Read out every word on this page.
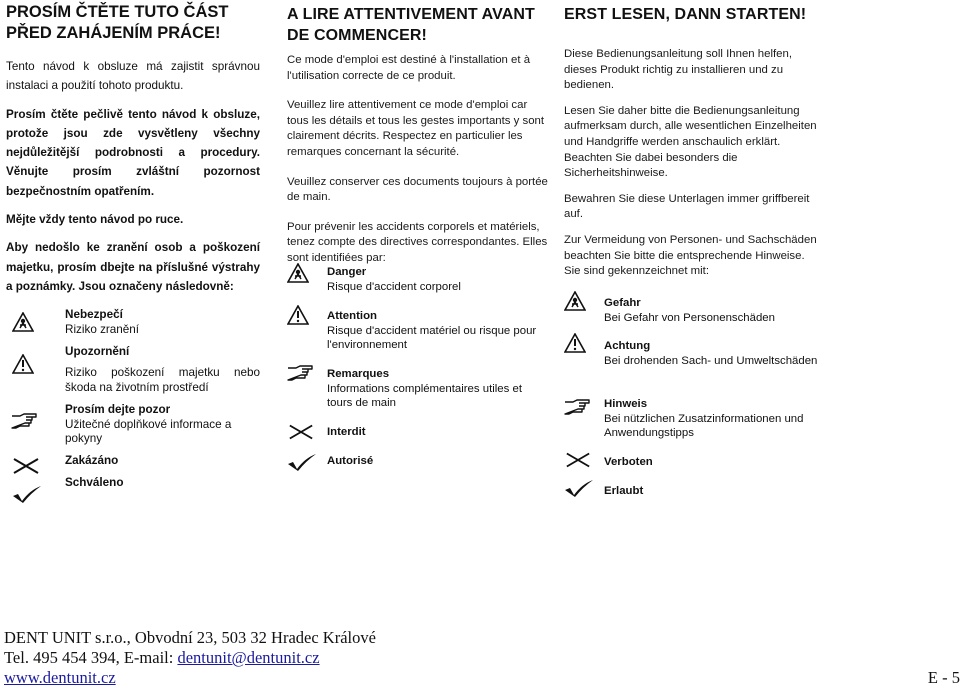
PROSÍM ČTĚTE TUTO ČÁST PŘED ZAHÁJENÍM PRÁCE!

Tento návod k obsluze má zajistit správnou instalaci a použití tohoto produktu.

Prosím čtěte pečlivě tento návod k obsluze, protože jsou zde vysvětleny všechny nejdůležitější podrobnosti a procedury. Věnujte prosím zvláštní pozornost bezpečnostním opatřením.

Mějte vždy tento návod po ruce.

Aby nedošlo ke zranění osob a poškození majetku, prosím dbejte na příslušné výstrahy a poznámky. Jsou označeny následovně:

Nebezpečí
Riziko zranění
Upozornění
Riziko poškození majetku nebo škoda na životním prostředí
Prosím dejte pozor
Užitečné doplňkové informace a pokyny
Zakázáno
Schváleno
A LIRE ATTENTIVEMENT AVANT DE COMMENCER!

Ce mode d'emploi est destiné à l'installation et à l'utilisation correcte de ce produit.

Veuillez lire attentivement ce mode d'emploi car tous les détails et tous les gestes importants y sont clairement décrits. Respectez en particulier les remarques concernant la sécurité.

Veuillez conserver ces documents toujours à portée de main.

Pour prévenir les accidents corporels et matériels, tenez compte des directives correspondantes. Elles sont identifiées par:

Danger
Risque d'accident corporel
Attention
Risque d'accident matériel ou risque pour l'environnement
Remarques
Informations complémentaires utiles et tours de main
Interdit
Autorisé
ERST LESEN, DANN STARTEN!

Diese Bedienungsanleitung soll Ihnen helfen, dieses Produkt richtig zu installieren und zu bedienen.

Lesen Sie daher bitte die Bedienungsanleitung aufmerksam durch, alle wesentlichen Einzelheiten und Handgriffe werden anschaulich erklärt. Beachten Sie dabei besonders die Sicherheitshinweise.

Bewahren Sie diese Unterlagen immer griffbereit auf.

Zur Vermeidung von Personen- und Sachschäden beachten Sie bitte die entsprechende Hinweise. Sie sind gekennzeichnet mit:

Gefahr
Bei Gefahr von Personenschäden
Achtung
Bei drohenden Sach- und Umweltschäden
Hinweis
Bei nützlichen Zusatzinformationen und Anwendungstipps
Verboten
Erlaubt
DENT UNIT s.r.o., Obvodní 23, 503 32 Hradec Králové
Tel. 495 454 394, E-mail: dentunit@dentunit.cz
www.dentunit.cz	E - 5
